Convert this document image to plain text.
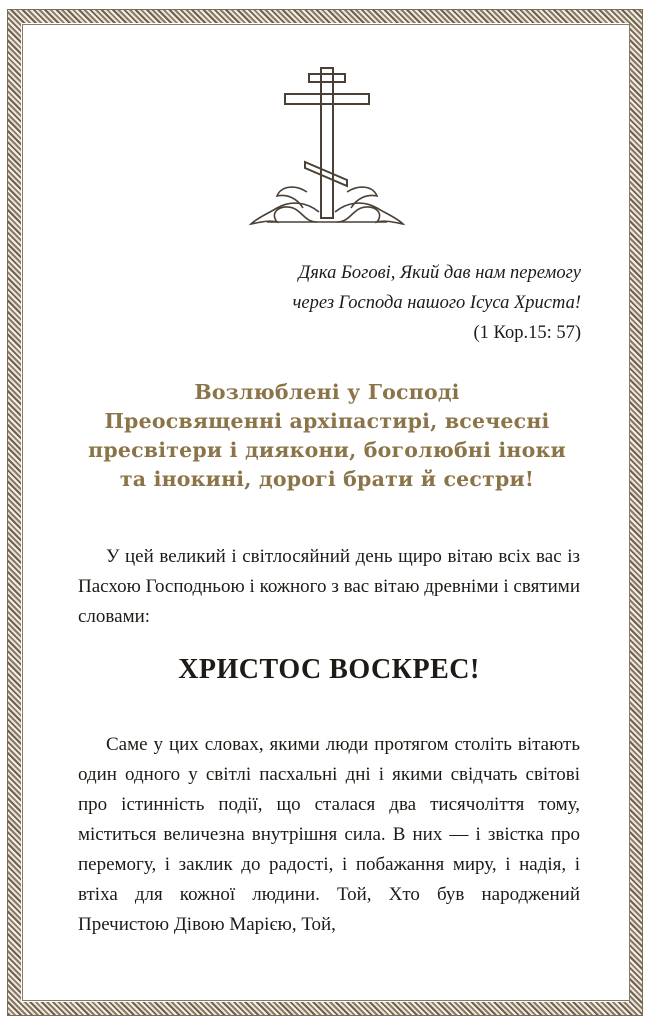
Дяка Богові, Який дав нам перемогу
через Господа нашого Ісуса Христа!
(1 Кор.15: 57)
Возлюблені у Господі
Преосвященні архіпастирі, всечесні
пресвітери і диякони, боголюбні іноки
та інокині, дорогі брати й сестри!

У цей великий і світлосяйний день щиро вітаю всіх вас із Пасхою Господньою і кожного з вас вітаю древніми і святими словами:

ХРИСТОС ВОСКРЕС!

Саме у цих словах, якими люди протягом століть вітають один одного у світлі пасхальні дні і якими свідчать світові про істинність події, що сталася два тисячоліття тому, міститься величезна внутрішня сила. В них — і звістка про перемогу, і заклик до радості, і побажання миру, і надія, і втіха для кожної людини. Той, Хто був народжений Пречистою Дівою Марією, Той,
